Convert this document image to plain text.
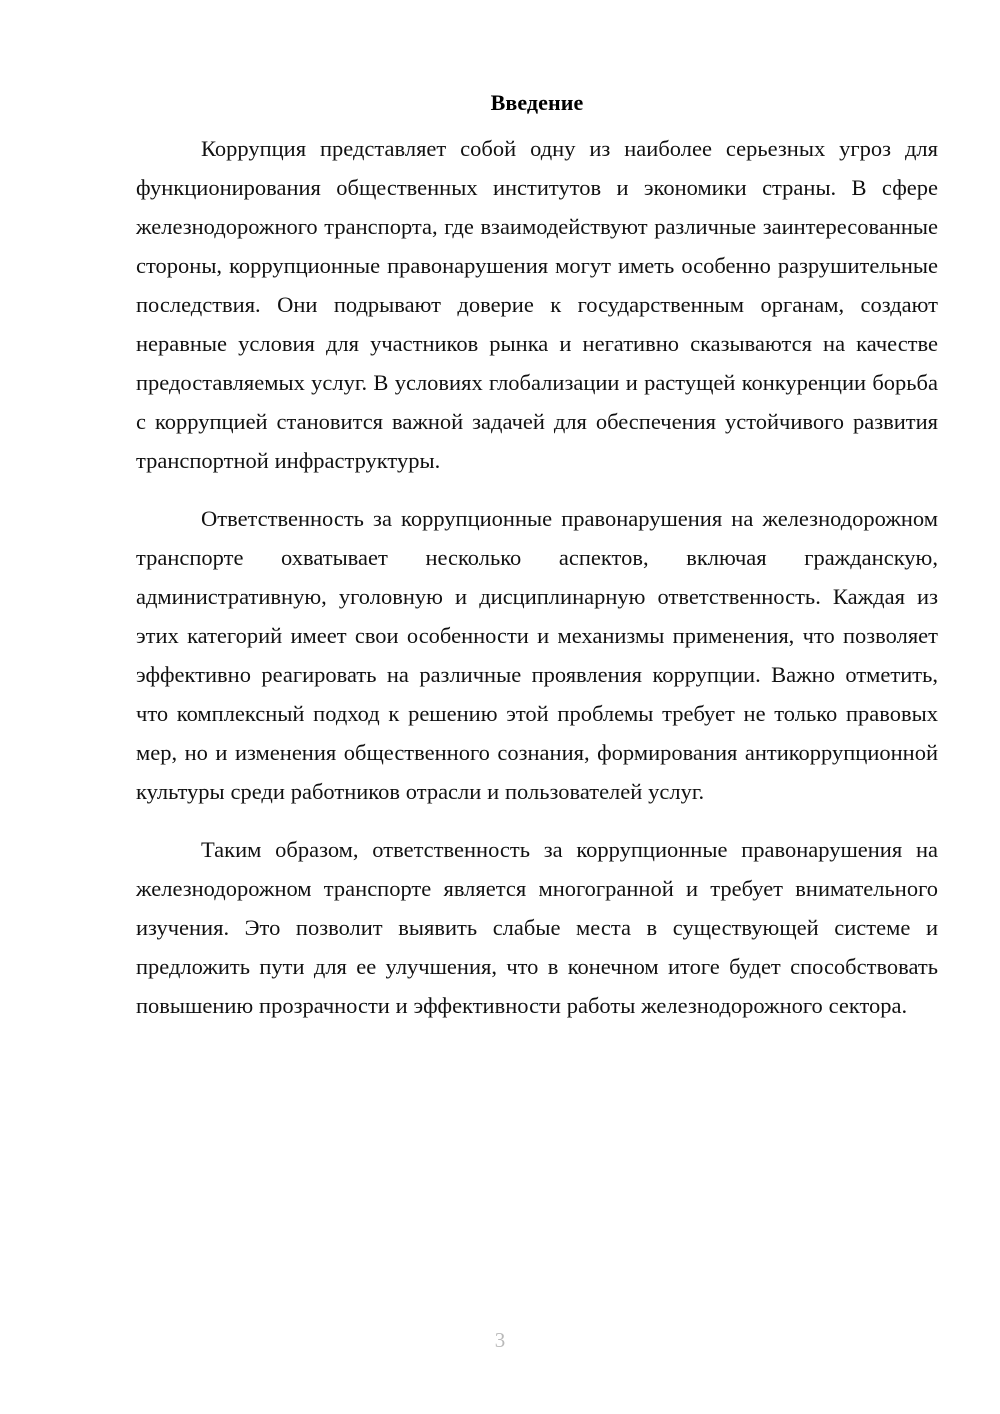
Введение

Коррупция представляет собой одну из наиболее серьезных угроз для функционирования общественных институтов и экономики страны. В сфере железнодорожного транспорта, где взаимодействуют различные заинтересованные стороны, коррупционные правонарушения могут иметь особенно разрушительные последствия. Они подрывают доверие к государственным органам, создают неравные условия для участников рынка и негативно сказываются на качестве предоставляемых услуг. В условиях глобализации и растущей конкуренции борьба с коррупцией становится важной задачей для обеспечения устойчивого развития транспортной инфраструктуры.

Ответственность за коррупционные правонарушения на железнодорожном транспорте охватывает несколько аспектов, включая гражданскую, административную, уголовную и дисциплинарную ответственность. Каждая из этих категорий имеет свои особенности и механизмы применения, что позволяет эффективно реагировать на различные проявления коррупции. Важно отметить, что комплексный подход к решению этой проблемы требует не только правовых мер, но и изменения общественного сознания, формирования антикоррупционной культуры среди работников отрасли и пользователей услуг.

Таким образом, ответственность за коррупционные правонарушения на железнодорожном транспорте является многогранной и требует внимательного изучения. Это позволит выявить слабые места в существующей системе и предложить пути для ее улучшения, что в конечном итоге будет способствовать повышению прозрачности и эффективности работы железнодорожного сектора.

3
